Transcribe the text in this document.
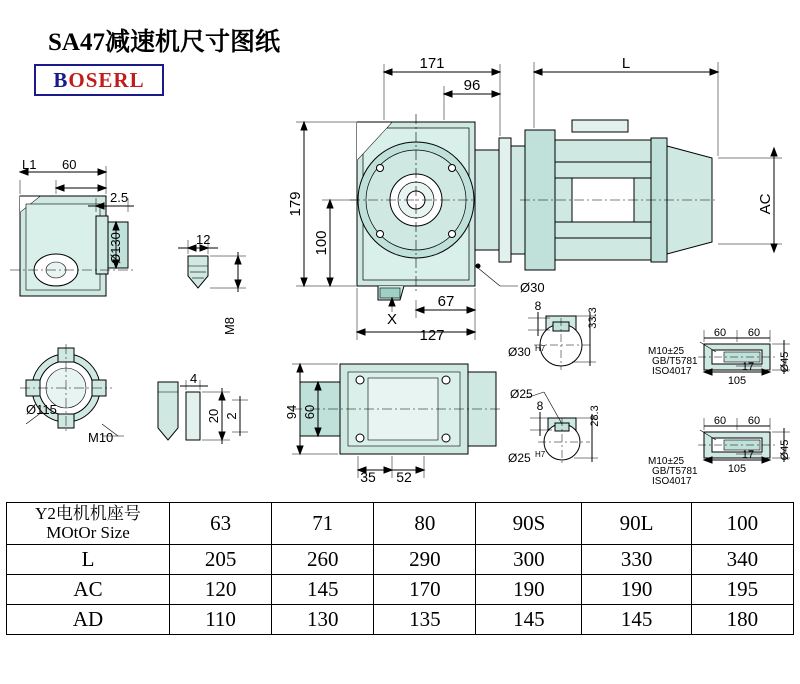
SA47减速机尺寸图纸
BOSERL
171
96
L
179
100
127
67
X
AC
Ø30
L1 60
2.5
Ø130	12
M8
Ø115
M10
4
20 2	94 60
35 52
8
33.3
Ø30 H7
Ø25
8	28.3
Ø25 H7
60 60
17
105
Ø45
M10±25
GB/T5781
ISO4017
60 60
17
105
Ø45
M10±25
GB/T5781
ISO4017
Y2电机机座号
MOtOr Size	63	71	80	90S	90L	100
L	205	260	290	300	330	340
AC	120	145	170	190	190	195
AD	110	130	135	145	145	180
